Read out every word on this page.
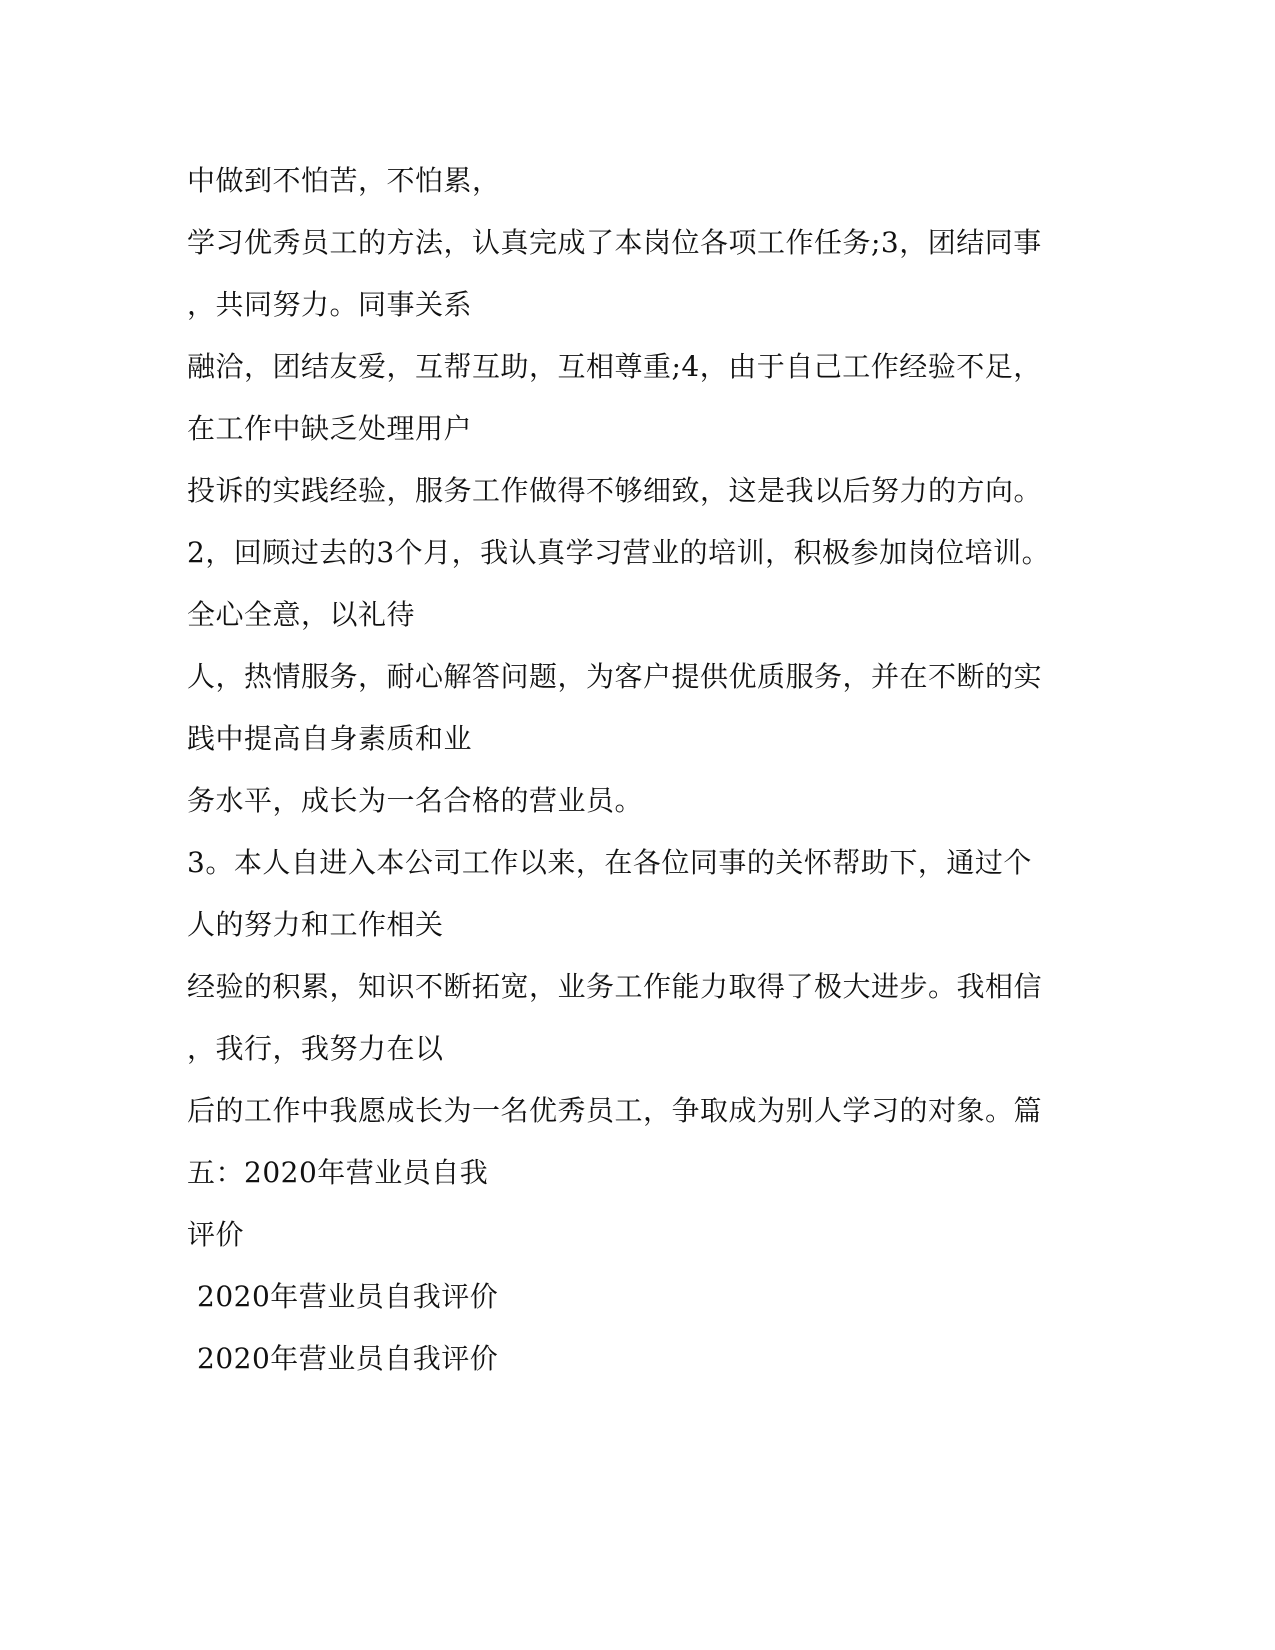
中做到不怕苦，不怕累，
学习优秀员工的方法，认真完成了本岗位各项工作任务;3，团结同事
，共同努力。同事关系
融洽，团结友爱，互帮互助，互相尊重;4，由于自己工作经验不足，
在工作中缺乏处理用户
投诉的实践经验，服务工作做得不够细致，这是我以后努力的方向。
2，回顾过去的3个月，我认真学习营业的培训，积极参加岗位培训。
全心全意，以礼待
人，热情服务，耐心解答问题，为客户提供优质服务，并在不断的实
践中提高自身素质和业
务水平，成长为一名合格的营业员。
3。本人自进入本公司工作以来，在各位同事的关怀帮助下，通过个
人的努力和工作相关
经验的积累，知识不断拓宽，业务工作能力取得了极大进步。我相信
，我行，我努力在以
后的工作中我愿成长为一名优秀员工，争取成为别人学习的对象。篇
五：2020年营业员自我
评价
2020年营业员自我评价
2020年营业员自我评价
